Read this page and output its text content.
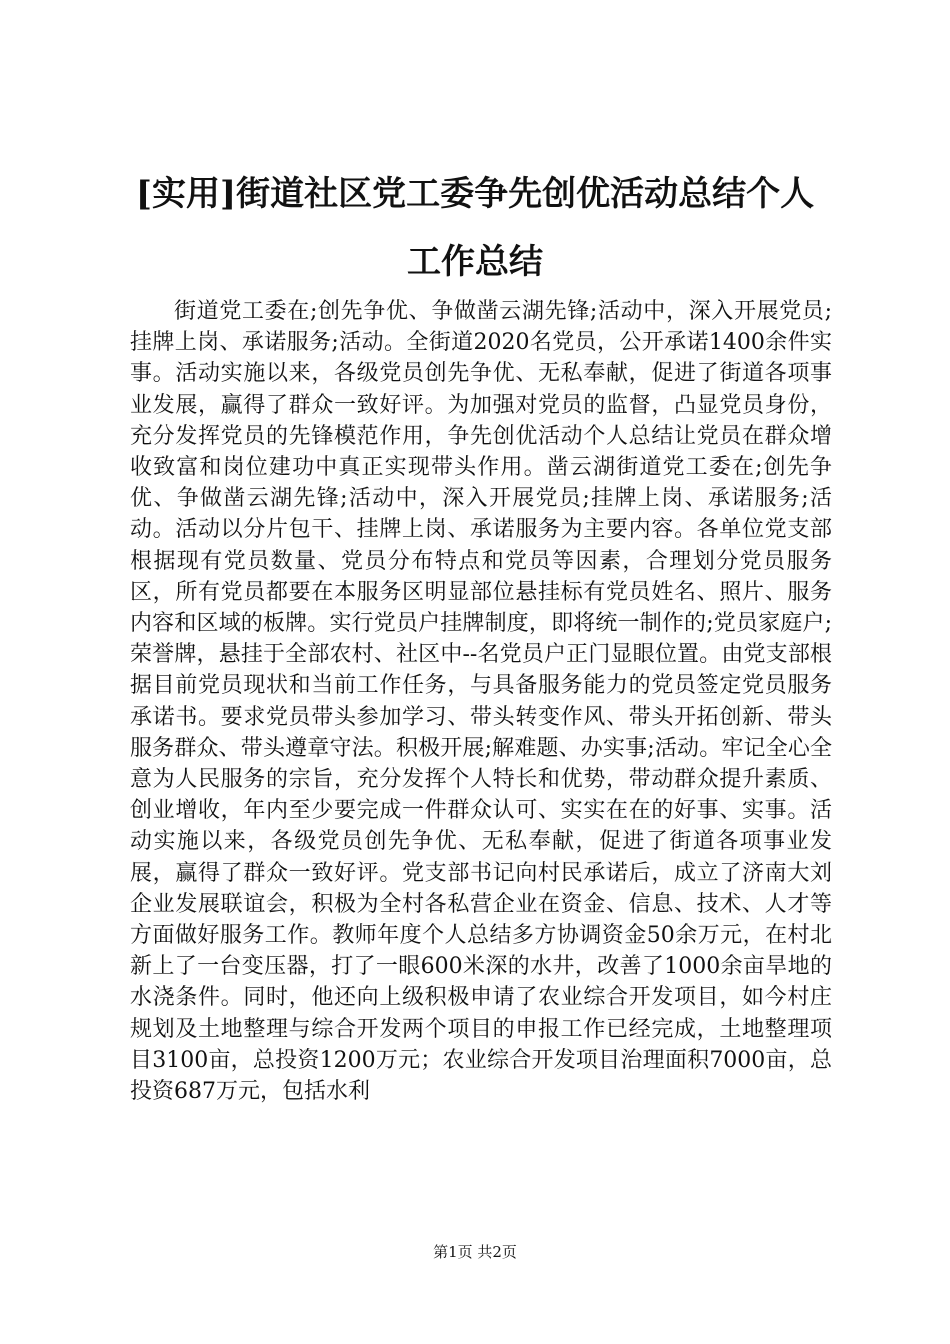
[实用]街道社区党工委争先创优活动总结个人工作总结

街道党工委在;创先争优、争做凿云湖先锋;活动中，深入开展党员;挂牌上岗、承诺服务;活动。全街道2020名党员，公开承诺1400余件实事。活动实施以来，各级党员创先争优、无私奉献，促进了街道各项事业发展，赢得了群众一致好评。为加强对党员的监督，凸显党员身份，充分发挥党员的先锋模范作用，争先创优活动个人总结让党员在群众增收致富和岗位建功中真正实现带头作用。凿云湖街道党工委在;创先争优、争做凿云湖先锋;活动中，深入开展党员;挂牌上岗、承诺服务;活动。活动以分片包干、挂牌上岗、承诺服务为主要内容。各单位党支部根据现有党员数量、党员分布特点和党员等因素，合理划分党员服务区，所有党员都要在本服务区明显部位悬挂标有党员姓名、照片、服务内容和区域的板牌。实行党员户挂牌制度，即将统一制作的;党员家庭户;荣誉牌，悬挂于全部农村、社区中--名党员户正门显眼位置。由党支部根据目前党员现状和当前工作任务，与具备服务能力的党员签定党员服务承诺书。要求党员带头参加学习、带头转变作风、带头开拓创新、带头服务群众、带头遵章守法。积极开展;解难题、办实事;活动。牢记全心全意为人民服务的宗旨，充分发挥个人特长和优势，带动群众提升素质、创业增收，年内至少要完成一件群众认可、实实在在的好事、实事。活动实施以来，各级党员创先争优、无私奉献，促进了街道各项事业发展，赢得了群众一致好评。党支部书记向村民承诺后，成立了济南大刘企业发展联谊会，积极为全村各私营企业在资金、信息、技术、人才等方面做好服务工作。教师年度个人总结多方协调资金50余万元，在村北新上了一台变压器，打了一眼600米深的水井，改善了1000余亩旱地的水浇条件。同时，他还向上级积极申请了农业综合开发项目，如今村庄规划及土地整理与综合开发两个项目的申报工作已经完成，土地整理项目3100亩，总投资1200万元；农业综合开发项目治理面积7000亩，总投资687万元，包括水利

第1页 共2页
